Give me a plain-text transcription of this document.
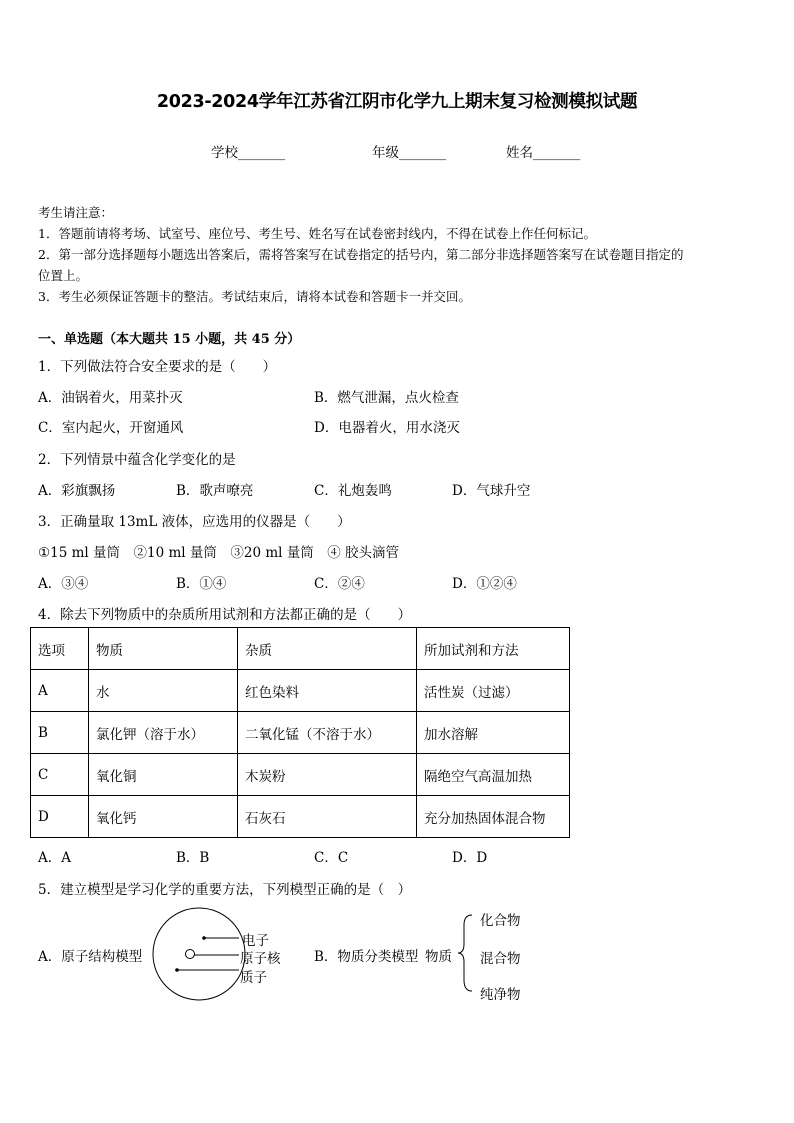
2023-2024学年江苏省江阴市化学九上期末复习检测模拟试题
学校_______	年级_______	姓名_______
考生请注意：
1．答题前请将考场、试室号、座位号、考生号、姓名写在试卷密封线内，不得在试卷上作任何标记。
2．第一部分选择题每小题选出答案后，需将答案写在试卷指定的括号内，第二部分非选择题答案写在试卷题目指定的
位置上。
3．考生必须保证答题卡的整洁。考试结束后，请将本试卷和答题卡一并交回。
一、单选题（本大题共 15 小题，共 45 分）
1．下列做法符合安全要求的是（　　）
A．油锅着火，用菜扑灭	B．燃气泄漏，点火检查
C．室内起火，开窗通风	D．电器着火，用水浇灭
2．下列情景中蕴含化学变化的是
A．彩旗飘扬	B．歌声嘹亮	C．礼炮轰鸣	D．气球升空
3．正确量取 13mL 液体，应选用的仪器是（　　）
①15 ml 量筒　②10 ml 量筒　③20 ml 量筒　④ 胶头滴管
A．③④	B．①④	C．②④	D．①②④
4．除去下列物质中的杂质所用试剂和方法都正确的是（　　）
选项	物质	杂质	所加试剂和方法
A	水	红色染料	活性炭（过滤）
B	氯化钾（溶于水）	二氧化锰（不溶于水）	加水溶解
C	氧化铜	木炭粉	隔绝空气高温加热
D	氧化钙	石灰石	充分加热固体混合物
A．A	B．B	C．C	D．D
5．建立模型是学习化学的重要方法，下列模型正确的是（　）
A．原子结构模型
电子
原子核
质子
B．物质分类模型 物质
化合物
混合物
纯净物
